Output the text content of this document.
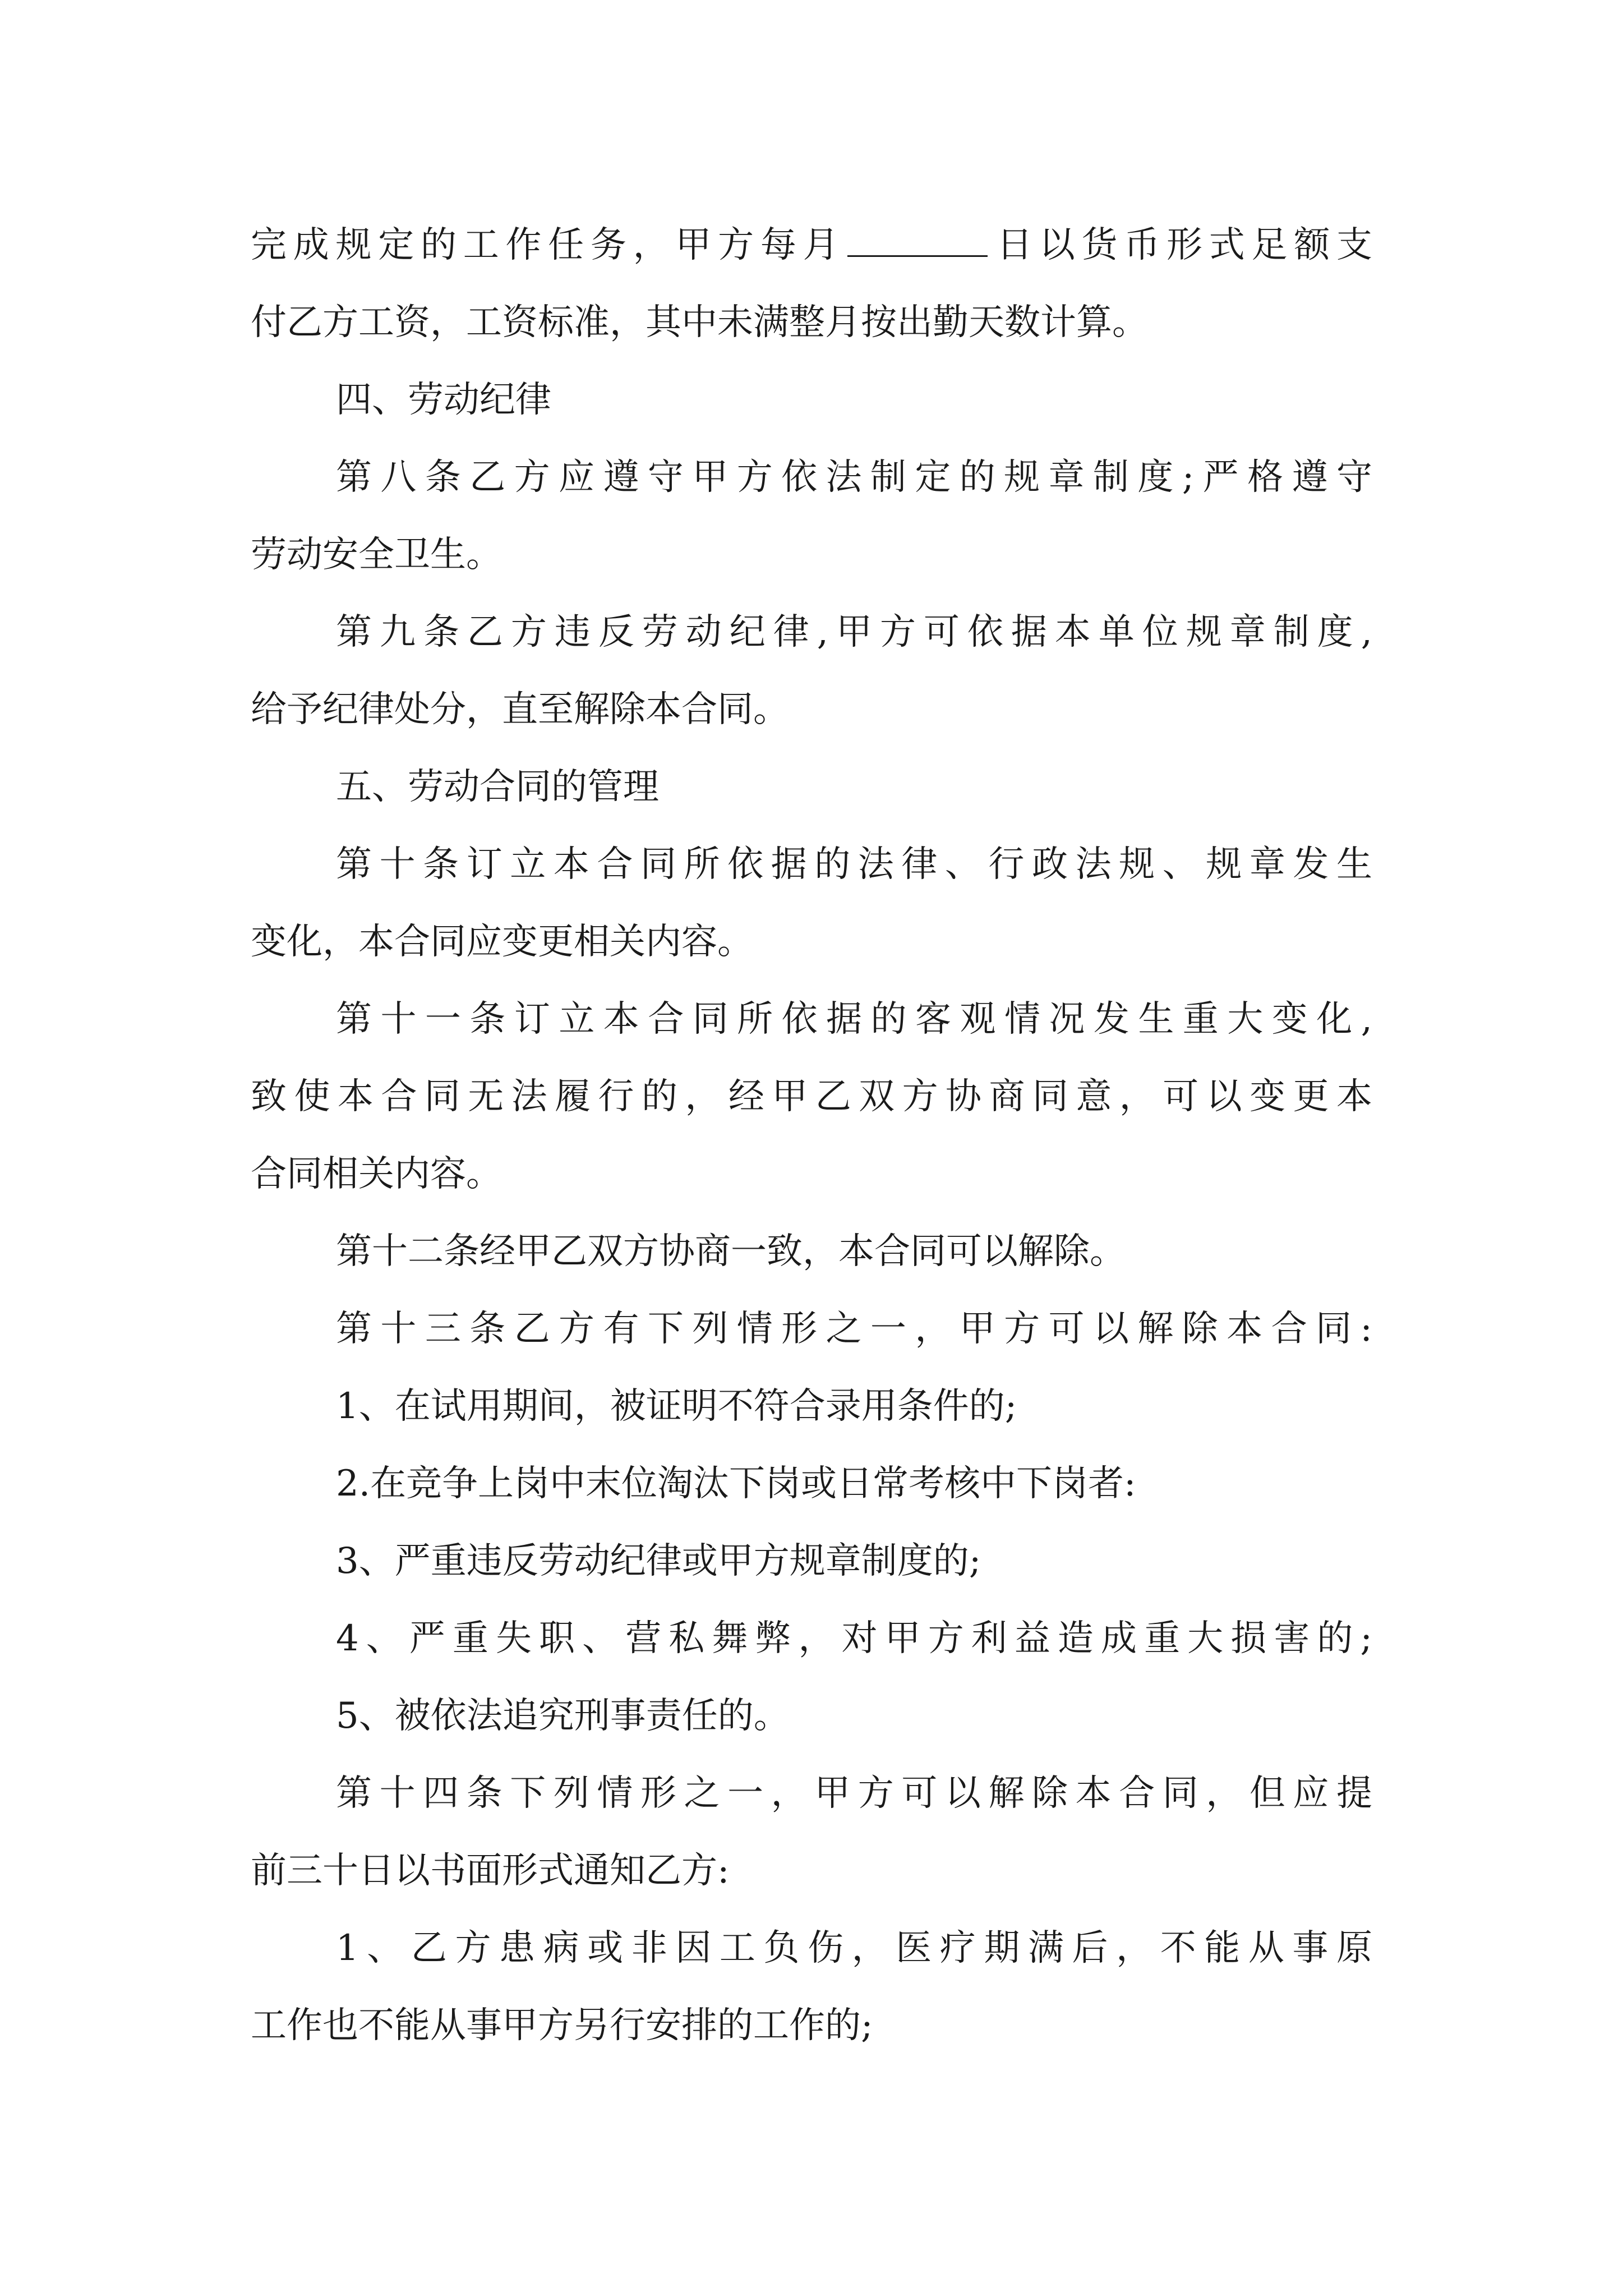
完成规定的工作任务，甲方每月	日以货币形式足额支
付乙方工资，工资标准，其中未满整月按出勤天数计算。
四、劳动纪律
第八条乙方应遵守甲方依法制定的规章制度;严格遵守
劳动安全卫生。
第九条乙方违反劳动纪律,甲方可依据本单位规章制度,
给予纪律处分，直至解除本合同。
五、劳动合同的管理
第十条订立本合同所依据的法律、行政法规、规章发生
变化，本合同应变更相关内容。
第十一条订立本合同所依据的客观情况发生重大变化,
致使本合同无法履行的，经甲乙双方协商同意，可以变更本
合同相关内容。
第十二条经甲乙双方协商一致，本合同可以解除。
第十三条乙方有下列情形之一，甲方可以解除本合同:
1、在试用期间，被证明不符合录用条件的;
2.在竞争上岗中末位淘汰下岗或日常考核中下岗者:
3、严重违反劳动纪律或甲方规章制度的;
4、严重失职、营私舞弊，对甲方利益造成重大损害的;
5、被依法追究刑事责任的。
第十四条下列情形之一，甲方可以解除本合同，但应提
前三十日以书面形式通知乙方:
1、乙方患病或非因工负伤，医疗期满后，不能从事原
工作也不能从事甲方另行安排的工作的;
